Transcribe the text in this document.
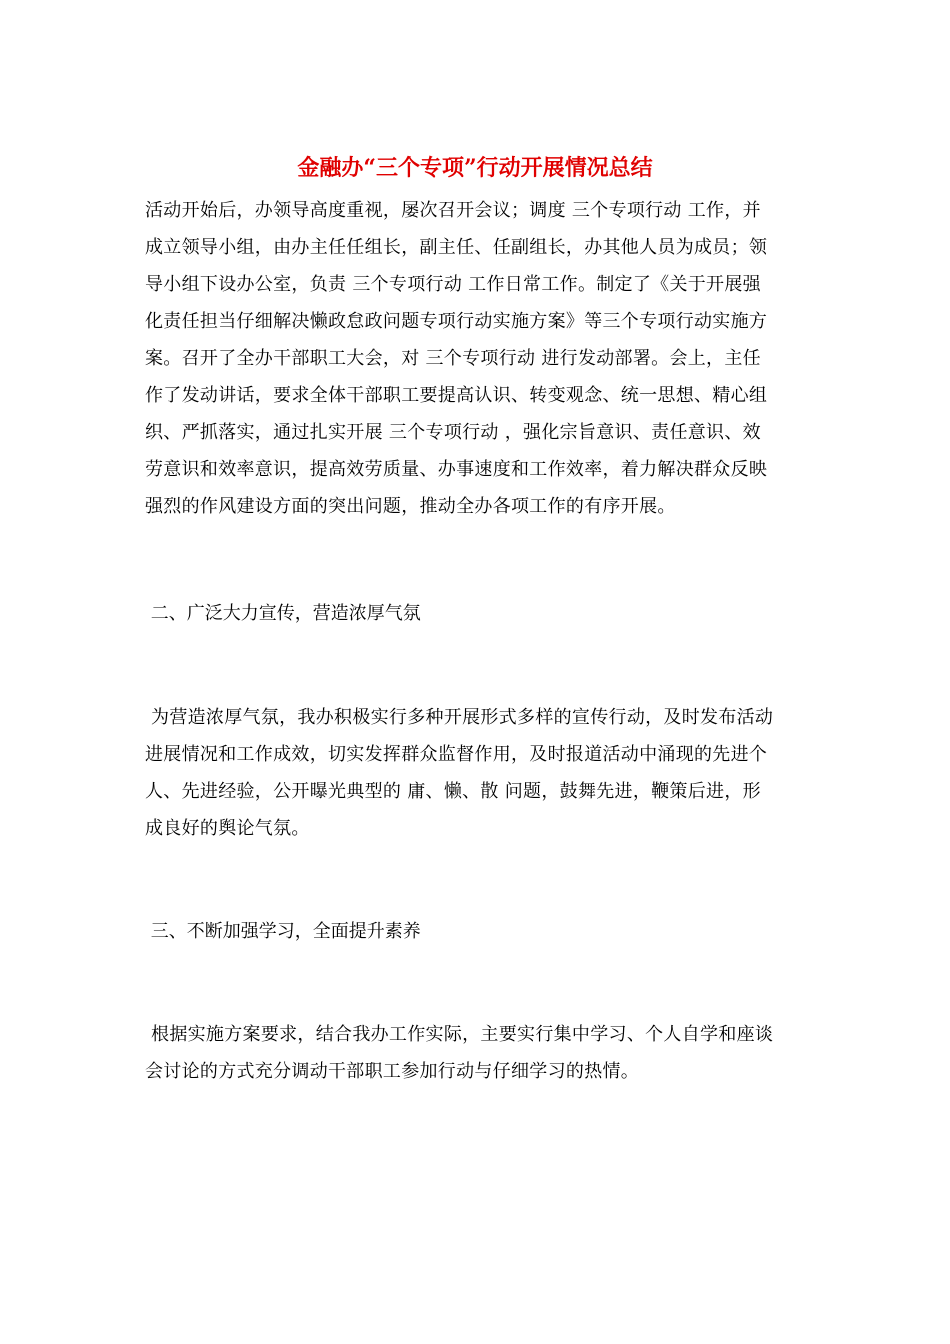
金融办“三个专项”行动开展情况总结
活动开始后，办领导高度重视，屡次召开会议；调度 三个专项行动 工作，并
成立领导小组，由办主任任组长，副主任、任副组长，办其他人员为成员；领
导小组下设办公室，负责 三个专项行动 工作日常工作。制定了《关于开展强
化责任担当仔细解决懒政怠政问题专项行动实施方案》等三个专项行动实施方
案。召开了全办干部职工大会，对 三个专项行动 进行发动部署。会上，主任
作了发动讲话，要求全体干部职工要提高认识、转变观念、统一思想、精心组
织、严抓落实，通过扎实开展 三个专项行动 ，强化宗旨意识、责任意识、效
劳意识和效率意识，提高效劳质量、办事速度和工作效率，着力解决群众反映
强烈的作风建设方面的突出问题，推动全办各项工作的有序开展。
二、广泛大力宣传，营造浓厚气氛
为营造浓厚气氛，我办积极实行多种开展形式多样的宣传行动，及时发布活动
进展情况和工作成效，切实发挥群众监督作用，及时报道活动中涌现的先进个
人、先进经验，公开曝光典型的 庸、懒、散 问题，鼓舞先进，鞭策后进，形
成良好的舆论气氛。
三、不断加强学习，全面提升素养
根据实施方案要求，结合我办工作实际，主要实行集中学习、个人自学和座谈
会讨论的方式充分调动干部职工参加行动与仔细学习的热情。
